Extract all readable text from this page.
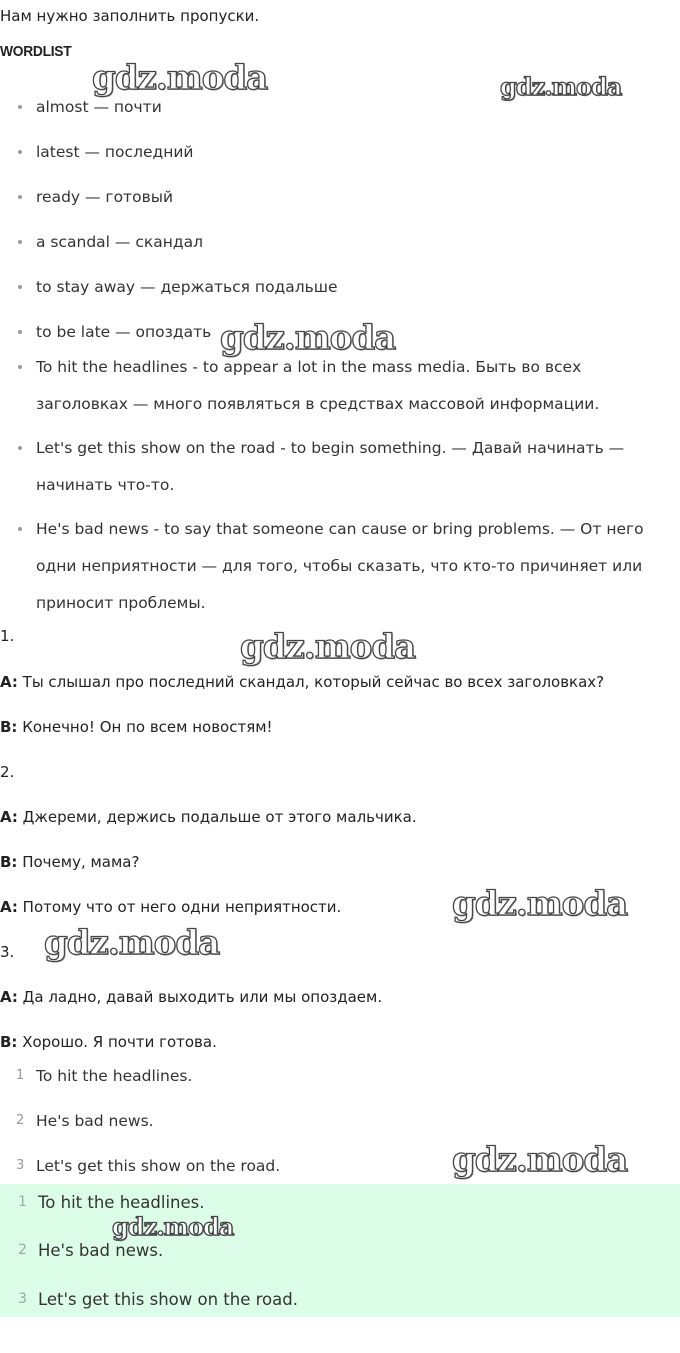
Нам нужно заполнить пропуски.
WORDLIST
almost — почти
latest — последний
ready — готовый
a scandal — скандал
to stay away — держаться подальше
to be late — опоздать
To hit the headlines - to appear a lot in the mass media. Быть во всех заголовках — много появляться в средствах массовой информации.
Let's get this show on the road - to begin something. — Давай начинать — начинать что-то.
He's bad news - to say that someone can cause or bring problems. — От него одни неприятности — для того, чтобы сказать, что кто-то причиняет или приносит проблемы.
1.
A: Ты слышал про последний скандал, который сейчас во всех заголовках?
B: Конечно! Он по всем новостям!
2.
A: Джереми, держись подальше от этого мальчика.
B: Почему, мама?
A: Потому что от него одни неприятности.
3.
A: Да ладно, давай выходить или мы опоздаем.
B: Хорошо. Я почти готова.
1 To hit the headlines.
2 He's bad news.
3 Let's get this show on the road.
1 To hit the headlines.
2 He's bad news.
3 Let's get this show on the road.
gdz.moda	gdz.moda
gdz.moda
gdz.moda
gdz.moda
gdz.moda
gdz.moda
gdz.moda
